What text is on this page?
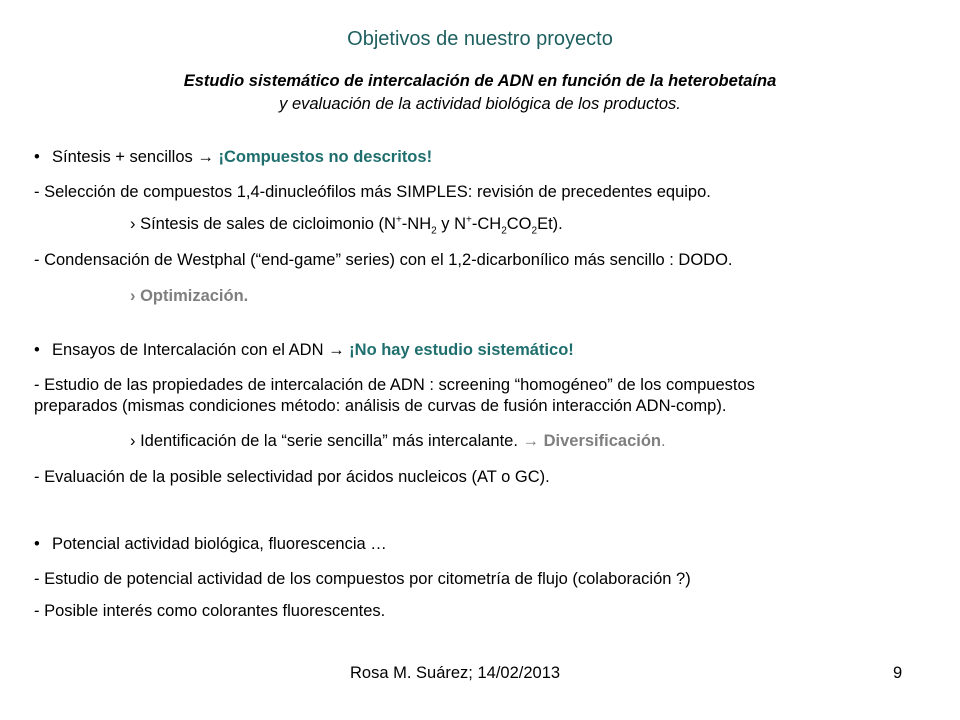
Objetivos de nuestro proyecto
Estudio sistemático de intercalación de ADN en función de la heterobetaína
y evaluación de la actividad biológica de los productos.
• Síntesis + sencillos → ¡Compuestos no descritos!
- Selección de compuestos 1,4-dinucleófilos más SIMPLES: revisión de precedentes equipo.
› Síntesis de sales de cicloimonio ($N^+-NH_2$ y $N^+-CH_2CO_2Et$).
- Condensación de Westphal (“end-game” series) con el 1,2-dicarbonílico más sencillo : DODO.
› Optimización.
• Ensayos de Intercalación con el ADN → ¡No hay estudio sistemático!
- Estudio de las propiedades de intercalación de ADN : screening “homogéneo” de los compuestos
preparados (mismas condiciones método: análisis de curvas de fusión interacción ADN-comp).
› Identificación de la “serie sencilla” más intercalante. → Diversificación.
- Evaluación de la posible selectividad por ácidos nucleicos (AT o GC).
• Potencial actividad biológica, fluorescencia …
- Estudio de potencial actividad de los compuestos por citometría de flujo (colaboración ?)
- Posible interés como colorantes fluorescentes.
Rosa M. Suárez; 14/02/2013	9
